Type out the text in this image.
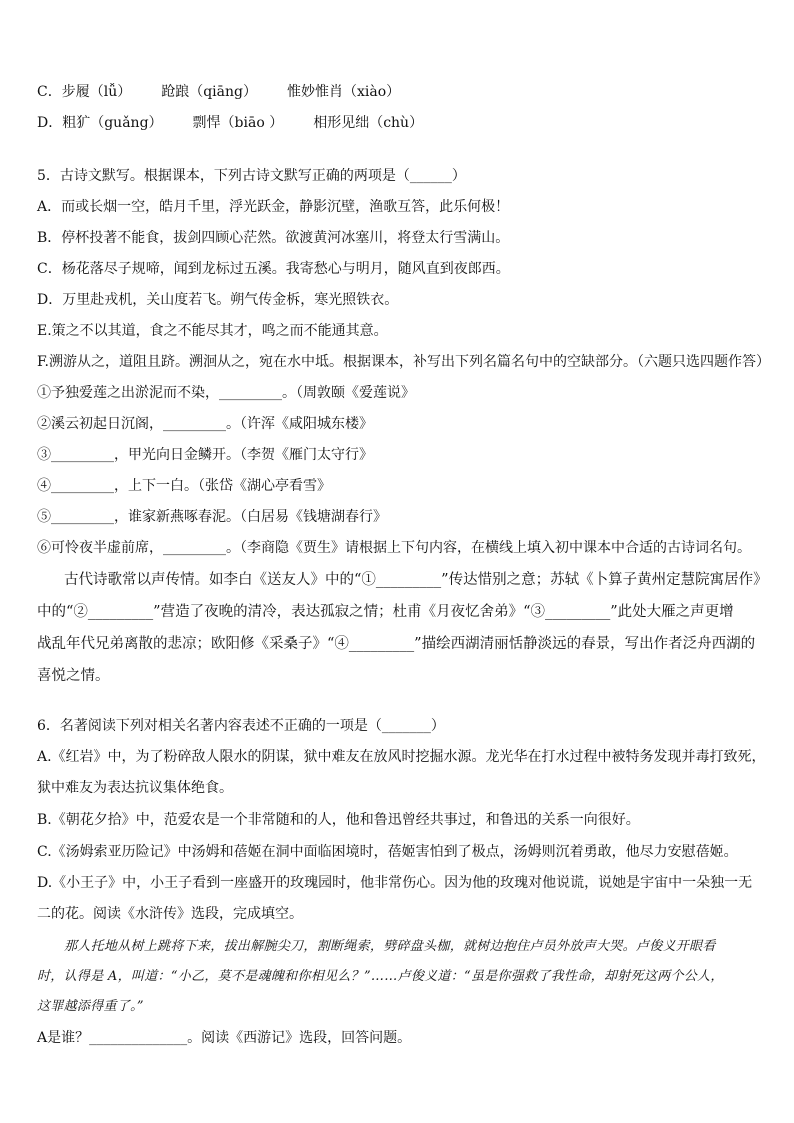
C．步履（lǚ） 跄踉（qiāng） 惟妙惟肖（xiào）
D．粗犷（guǎng） 剽悍（biāo ） 相形见绌（chù）
5．古诗文默写。根据课本，下列古诗文默写正确的两项是（______）
A．而或长烟一空，皓月千里，浮光跃金，静影沉壁，渔歌互答，此乐何极！
B．停杯投著不能食，拔剑四顾心茫然。欲渡黄河冰塞川，将登太行雪满山。
C．杨花落尽子规啼，闻到龙标过五溪。我寄愁心与明月，随风直到夜郎西。
D．万里赴戎机，关山度若飞。朔气传金柝，寒光照铁衣。
E.策之不以其道，食之不能尽其才，鸣之而不能通其意。
F.溯游从之，道阻且跻。溯洄从之，宛在水中坻。根据课本，补写出下列名篇名句中的空缺部分。（六题只选四题作答）
①予独爱莲之出淤泥而不染，_________。（周敦颐《爱莲说》
②溪云初起日沉阁，_________。（许浑《咸阳城东楼》
③_________，甲光向日金鳞开。（李贺《雁门太守行》
④_________，上下一白。（张岱《湖心亭看雪》
⑤_________，谁家新燕啄春泥。（白居易《钱塘湖春行》
⑥可怜夜半虚前席，_________。（李商隐《贾生》请根据上下句内容，在横线上填入初中课本中合适的古诗词名句。
古代诗歌常以声传情。如李白《送友人》中的“①_________”传达惜别之意；苏轼《卜算子黄州定慧院寓居作》
中的“②_________”营造了夜晚的清冷，表达孤寂之情；杜甫《月夜忆舍弟》“③_________”此处大雁之声更增
战乱年代兄弟离散的悲凉；欧阳修《采桑子》“④_________”描绘西湖清丽恬静淡远的春景，写出作者泛舟西湖的
喜悦之情。
6．名著阅读下列对相关名著内容表述不正确的一项是（_______）
A.《红岩》中，为了粉碎敌人限水的阴谋，狱中难友在放风时挖掘水源。龙光华在打水过程中被特务发现并毒打致死，
狱中难友为表达抗议集体绝食。
B.《朝花夕拾》中，范爱农是一个非常随和的人，他和鲁迅曾经共事过，和鲁迅的关系一向很好。
C.《汤姆索亚历险记》中汤姆和蓓姬在洞中面临困境时，蓓姬害怕到了极点，汤姆则沉着勇敢，他尽力安慰蓓姬。
D.《小王子》中，小王子看到一座盛开的玫瑰园时，他非常伤心。因为他的玫瑰对他说谎，说她是宇宙中一朵独一无
二的花。阅读《水浒传》选段，完成填空。
那人托地从树上跳将下来，拔出解腕尖刀，割断绳索，劈碎盘头枷，就树边抱住卢员外放声大哭。卢俊义开眼看
时，认得是 A，叫道：“小乙，莫不是魂魄和你相见么？”……卢俊义道：“虽是你强救了我性命，却射死这两个公人，
这罪越添得重了。”
A是谁？______________。阅读《西游记》选段，回答问题。
